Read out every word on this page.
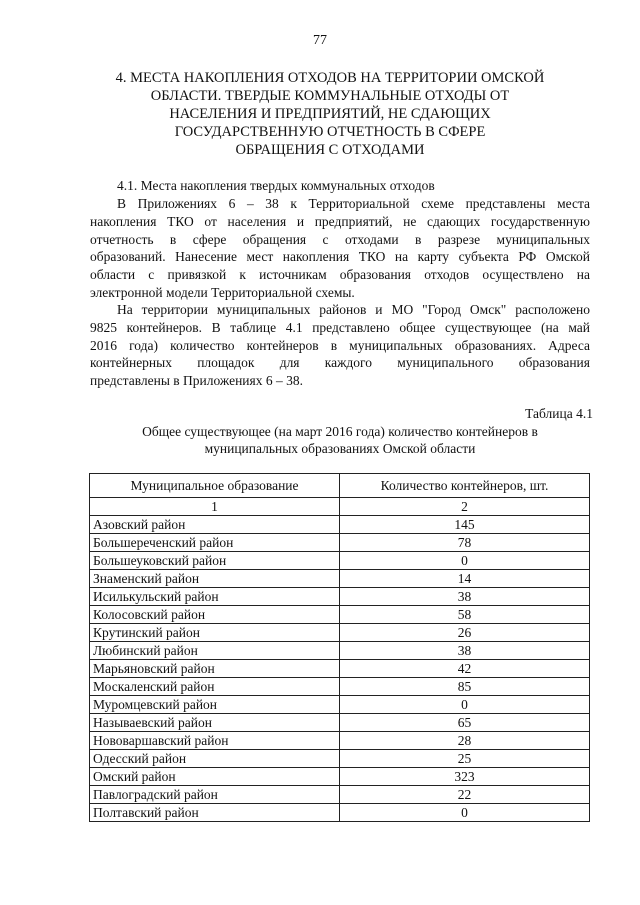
77
4. МЕСТА НАКОПЛЕНИЯ ОТХОДОВ НА ТЕРРИТОРИИ ОМСКОЙ
ОБЛАСТИ. ТВЕРДЫЕ КОММУНАЛЬНЫЕ ОТХОДЫ ОТ
НАСЕЛЕНИЯ И ПРЕДПРИЯТИЙ, НЕ СДАЮЩИХ
ГОСУДАРСТВЕННУЮ ОТЧЕТНОСТЬ В СФЕРЕ
ОБРАЩЕНИЯ С ОТХОДАМИ
4.1. Места накопления твердых коммунальных отходов
В Приложениях 6 – 38 к Территориальной схеме представлены места
накопления ТКО от населения и предприятий, не сдающих государственную
отчетность в сфере обращения с отходами в разрезе муниципальных
образований. Нанесение мест накопления ТКО на карту субъекта РФ Омской
области с привязкой к источникам образования отходов осуществлено на
электронной модели Территориальной схемы.
На территории муниципальных районов и МО "Город Омск" расположено
9825 контейнеров. В таблице 4.1 представлено общее существующее (на май
2016 года) количество контейнеров в муниципальных образованиях. Адреса
контейнерных площадок для каждого муниципального образования
представлены в Приложениях 6 – 38.
Таблица 4.1
Общее существующее (на март 2016 года) количество контейнеров в
муниципальных образованиях Омской области
Муниципальное образование	Количество контейнеров, шт.
1	2
Азовский район	145
Большереченский район	78
Большеуковский район	0
Знаменский район	14
Исилькульский район	38
Колосовский район	58
Крутинский район	26
Любинский район	38
Марьяновский район	42
Москаленский район	85
Муромцевский район	0
Называевский район	65
Нововаршавский район	28
Одесский район	25
Омский район	323
Павлоградский район	22
Полтавский район	0
